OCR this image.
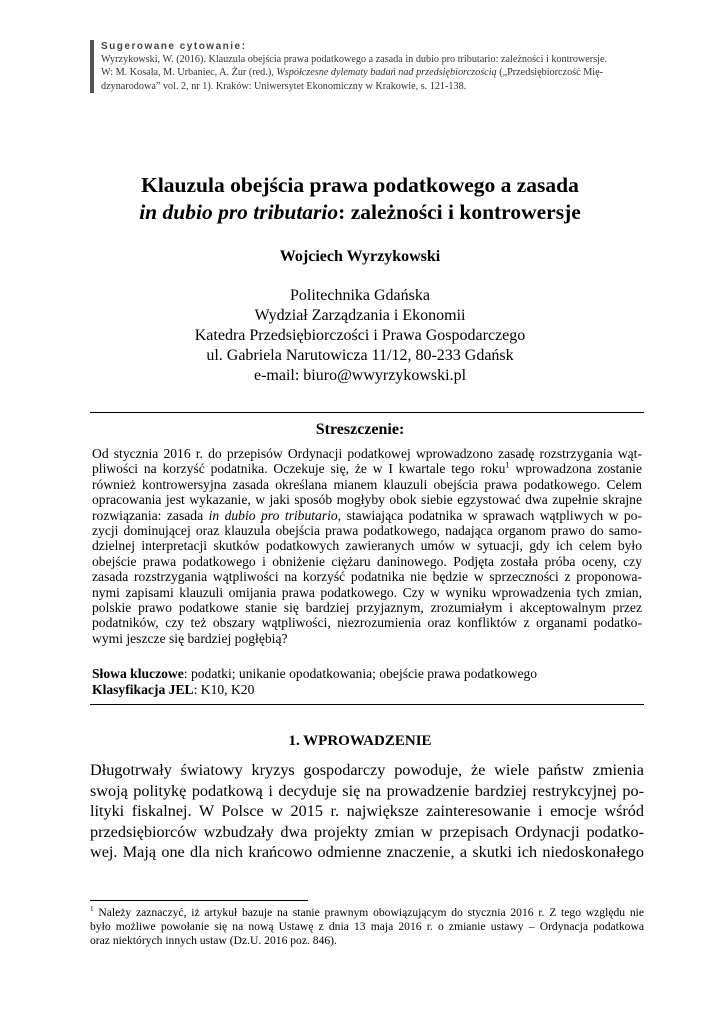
Sugerowane cytowanie:
Wyrzykowski, W. (2016). Klauzula obejścia prawa podatkowego a zasada in dubio pro tributario: zależności i kontrowersje.
W: M. Kosała, M. Urbaniec, A. Żur (red.), Współczesne dylematy badań nad przedsiębiorczością („Przedsiębiorczość Mię-
dzynarodowa” vol. 2, nr 1). Kraków: Uniwersytet Ekonomiczny w Krakowie, s. 121-138.
Klauzula obejścia prawa podatkowego a zasada
in dubio pro tributario: zależności i kontrowersje
Wojciech Wyrzykowski
Politechnika Gdańska
Wydział Zarządzania i Ekonomii
Katedra Przedsiębiorczości i Prawa Gospodarczego
ul. Gabriela Narutowicza 11/12, 80-233 Gdańsk
e-mail: biuro@wwyrzykowski.pl
Streszczenie:
Od stycznia 2016 r. do przepisów Ordynacji podatkowej wprowadzono zasadę rozstrzygania wąt-
pliwości na korzyść podatnika. Oczekuje się, że w I kwartale tego roku$^1$ wprowadzona zostanie
również kontrowersyjna zasada określana mianem klauzuli obejścia prawa podatkowego. Celem
opracowania jest wykazanie, w jaki sposób mogłyby obok siebie egzystować dwa zupełnie skrajne
rozwiązania: zasada in dubio pro tributario, stawiająca podatnika w sprawach wątpliwych w po-
zycji dominującej oraz klauzula obejścia prawa podatkowego, nadająca organom prawo do samo-
dzielnej interpretacji skutków podatkowych zawieranych umów w sytuacji, gdy ich celem było
obejście prawa podatkowego i obniżenie ciężaru daninowego. Podjęta została próba oceny, czy
zasada rozstrzygania wątpliwości na korzyść podatnika nie będzie w sprzeczności z proponowa-
nymi zapisami klauzuli omijania prawa podatkowego. Czy w wyniku wprowadzenia tych zmian,
polskie prawo podatkowe stanie się bardziej przyjaznym, zrozumiałym i akceptowalnym przez
podatników, czy też obszary wątpliwości, niezrozumienia oraz konfliktów z organami podatko-
wymi jeszcze się bardziej pogłębią?
Słowa kluczowe: podatki; unikanie opodatkowania; obejście prawa podatkowego
Klasyfikacja JEL: K10, K20
1. WPROWADZENIE
Długotrwały światowy kryzys gospodarczy powoduje, że wiele państw zmienia
swoją politykę podatkową i decyduje się na prowadzenie bardziej restrykcyjnej po-
lityki fiskalnej. W Polsce w 2015 r. największe zainteresowanie i emocje wśród
przedsiębiorców wzbudzały dwa projekty zmian w przepisach Ordynacji podatko-
wej. Mają one dla nich krańcowo odmienne znaczenie, a skutki ich niedoskonałego
$^1$ Należy zaznaczyć, iż artykuł bazuje na stanie prawnym obowiązującym do stycznia 2016 r. Z tego względu nie
było możliwe powołanie się na nową Ustawę z dnia 13 maja 2016 r. o zmianie ustawy – Ordynacja podatkowa
oraz niektórych innych ustaw (Dz.U. 2016 poz. 846).
